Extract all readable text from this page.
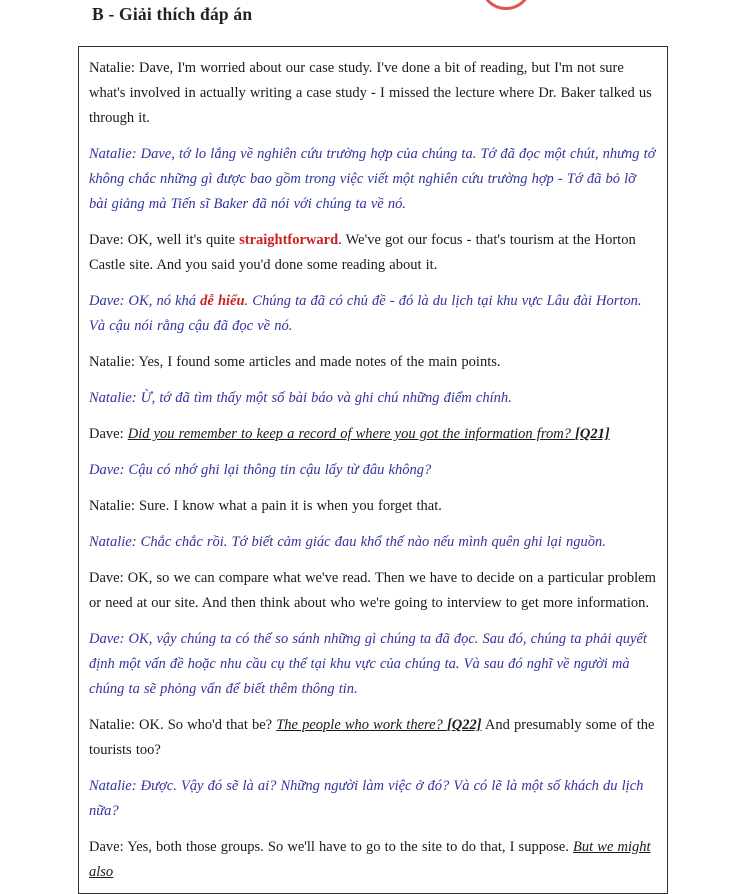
B - Giải thích đáp án

Natalie: Dave, I'm worried about our case study. I've done a bit of reading, but I'm not sure what's involved in actually writing a case study - I missed the lecture where Dr. Baker talked us through it.

Natalie: Dave, tớ lo lắng về nghiên cứu trường hợp của chúng ta. Tớ đã đọc một chút, nhưng tớ không chắc những gì được bao gồm trong việc viết một nghiên cứu trường hợp - Tớ đã bỏ lỡ bài giảng mà Tiến sĩ Baker đã nói với chúng ta về nó.

Dave: OK, well it's quite straightforward. We've got our focus - that's tourism at the Horton Castle site. And you said you'd done some reading about it.

Dave: OK, nó khá dễ hiểu. Chúng ta đã có chủ đề - đó là du lịch tại khu vực Lâu đài Horton. Và cậu nói rằng cậu đã đọc về nó.

Natalie: Yes, I found some articles and made notes of the main points.

Natalie: Ừ, tớ đã tìm thấy một số bài báo và ghi chú những điểm chính.

Dave: Did you remember to keep a record of where you got the information from? [Q21]

Dave: Cậu có nhớ ghi lại thông tin cậu lấy từ đâu không?

Natalie: Sure. I know what a pain it is when you forget that.

Natalie: Chắc chắc rồi. Tớ biết cảm giác đau khổ thế nào nếu mình quên ghi lại nguồn.

Dave: OK, so we can compare what we've read. Then we have to decide on a particular problem or need at our site. And then think about who we're going to interview to get more information.

Dave: OK, vậy chúng ta có thể so sánh những gì chúng ta đã đọc. Sau đó, chúng ta phải quyết định một vấn đề hoặc nhu cầu cụ thể tại khu vực của chúng ta. Và sau đó nghĩ về người mà chúng ta sẽ phỏng vấn để biết thêm thông tin.

Natalie: OK. So who'd that be? The people who work there? [Q22] And presumably some of the tourists too?

Natalie: Được. Vậy đó sẽ là ai? Những người làm việc ở đó? Và có lẽ là một số khách du lịch nữa?

Dave: Yes, both those groups. So we'll have to go to the site to do that, I suppose. But we might also
